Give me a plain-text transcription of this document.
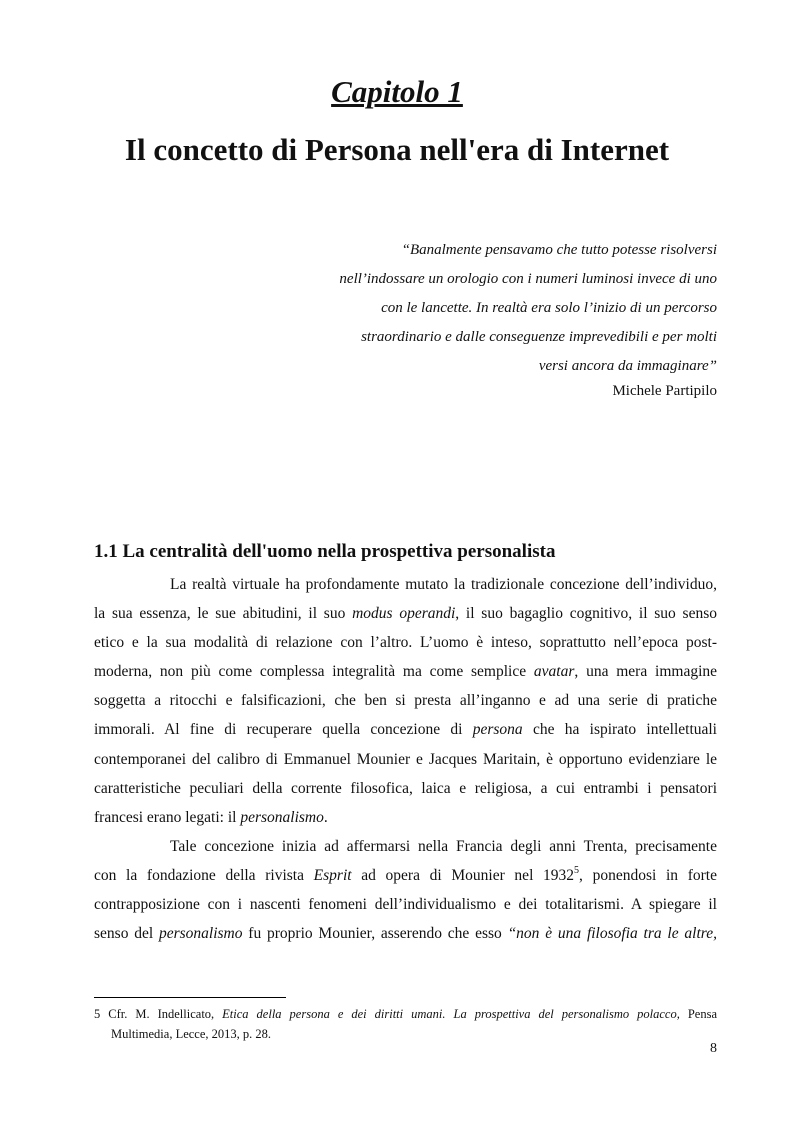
Capitolo 1
Il concetto di Persona nell'era di Internet
“Banalmente pensavamo che tutto potesse risolversi
nell’indossare un orologio con i numeri luminosi invece di uno
con le lancette. In realtà era solo l’inizio di un percorso
straordinario e dalle conseguenze imprevedibili e per molti
versi ancora da immaginare”
Michele Partipilo
1.1 La centralità dell'uomo nella prospettiva personalista
La realtà virtuale ha profondamente mutato la tradizionale concezione dell’individuo,
la sua essenza, le sue abitudini, il suo modus operandi, il suo bagaglio cognitivo, il suo senso
etico e la sua modalità di relazione con l’altro. L’uomo è inteso, soprattutto nell’epoca post-
moderna, non più come complessa integralità ma come semplice avatar, una mera immagine
soggetta a ritocchi e falsificazioni, che ben si presta all’inganno e ad una serie di pratiche
immorali. Al fine di recuperare quella concezione di persona che ha ispirato intellettuali
contemporanei del calibro di Emmanuel Mounier e Jacques Maritain, è opportuno evidenziare le
caratteristiche peculiari della corrente filosofica, laica e religiosa, a cui entrambi i pensatori
francesi erano legati: il personalismo.
Tale concezione inizia ad affermarsi nella Francia degli anni Trenta, precisamente
con la fondazione della rivista Esprit ad opera di Mounier nel 1932$^5$, ponendosi in forte
contrapposizione con i nascenti fenomeni dell’individualismo e dei totalitarismi. A spiegare il
senso del personalismo fu proprio Mounier, asserendo che esso “non è una filosofia tra le altre,
5 Cfr. M. Indellicato, Etica della persona e dei diritti umani. La prospettiva del personalismo polacco, Pensa
Multimedia, Lecce, 2013, p. 28.
8
